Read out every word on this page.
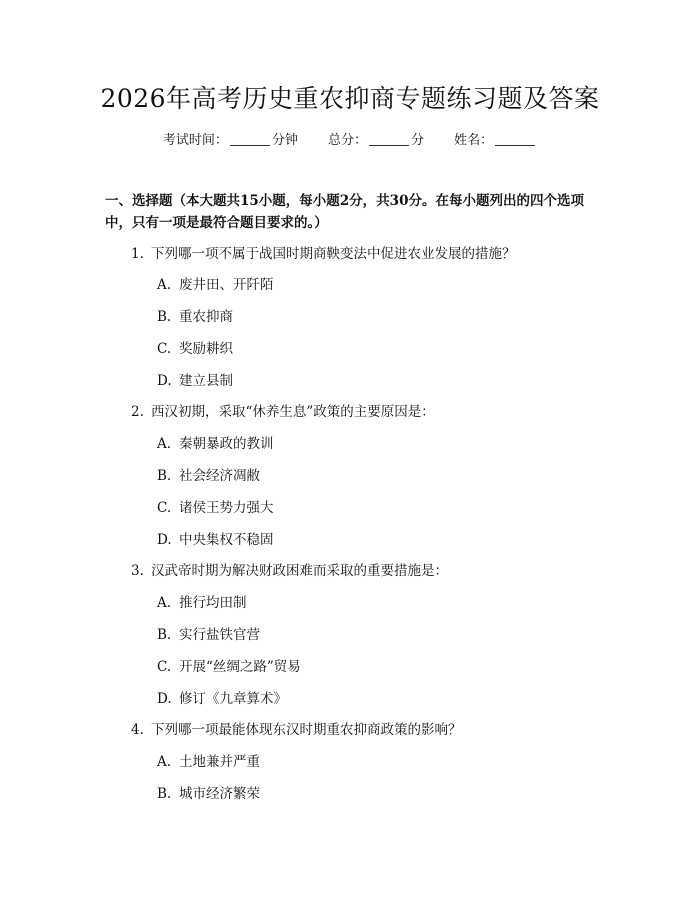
2026年高考历史重农抑商专题练习题及答案
考试时间：	分钟 总分：	分 姓名：
一、选择题（本大题共15小题，每小题2分，共30分。在每小题列出的四个选项中，只有一项是最符合题目要求的。）
1. 下列哪一项不属于战国时期商鞅变法中促进农业发展的措施？
A. 废井田、开阡陌
B. 重农抑商
C. 奖励耕织
D. 建立县制
2. 西汉初期，采取“休养生息”政策的主要原因是：
A. 秦朝暴政的教训
B. 社会经济凋敝
C. 诸侯王势力强大
D. 中央集权不稳固
3. 汉武帝时期为解决财政困难而采取的重要措施是：
A. 推行均田制
B. 实行盐铁官营
C. 开展“丝绸之路”贸易
D. 修订《九章算术》
4. 下列哪一项最能体现东汉时期重农抑商政策的影响？
A. 土地兼并严重
B. 城市经济繁荣
